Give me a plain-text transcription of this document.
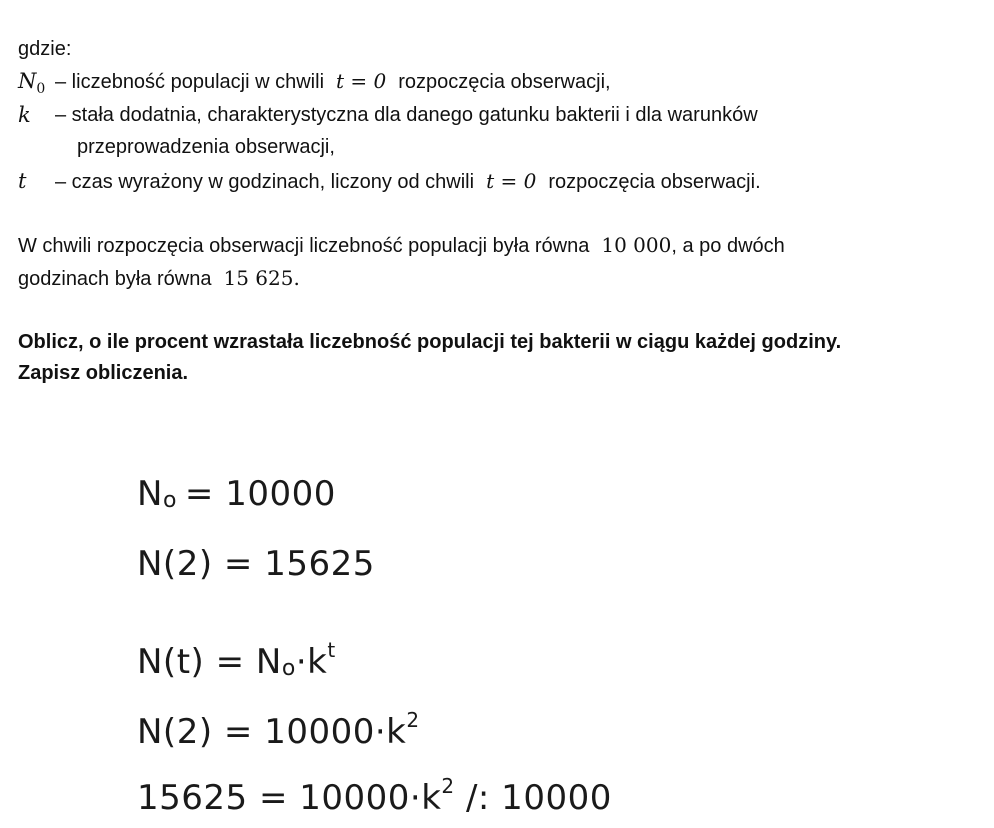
gdzie:
$N_0$ – liczebność populacji w chwili t = 0 rozpoczęcia obserwacji,
k – stała dodatnia, charakterystyczna dla danego gatunku bakterii i dla warunków
przeprowadzenia obserwacji,
t – czas wyrażony w godzinach, liczony od chwili t = 0 rozpoczęcia obserwacji.
W chwili rozpoczęcia obserwacji liczebność populacji była równa 10 000, a po dwóch
godzinach była równa 15 625.
Oblicz, o ile procent wzrastała liczebność populacji tej bakterii w ciągu każdej godziny.
Zapisz obliczenia.
$N_o = 10000$
N(2) = 15625
$N(t) = N_o\cdot k^t$
$N(2) = 10000\cdot k^2$
$15625 = 10000\cdot k^2$ /: 10000
